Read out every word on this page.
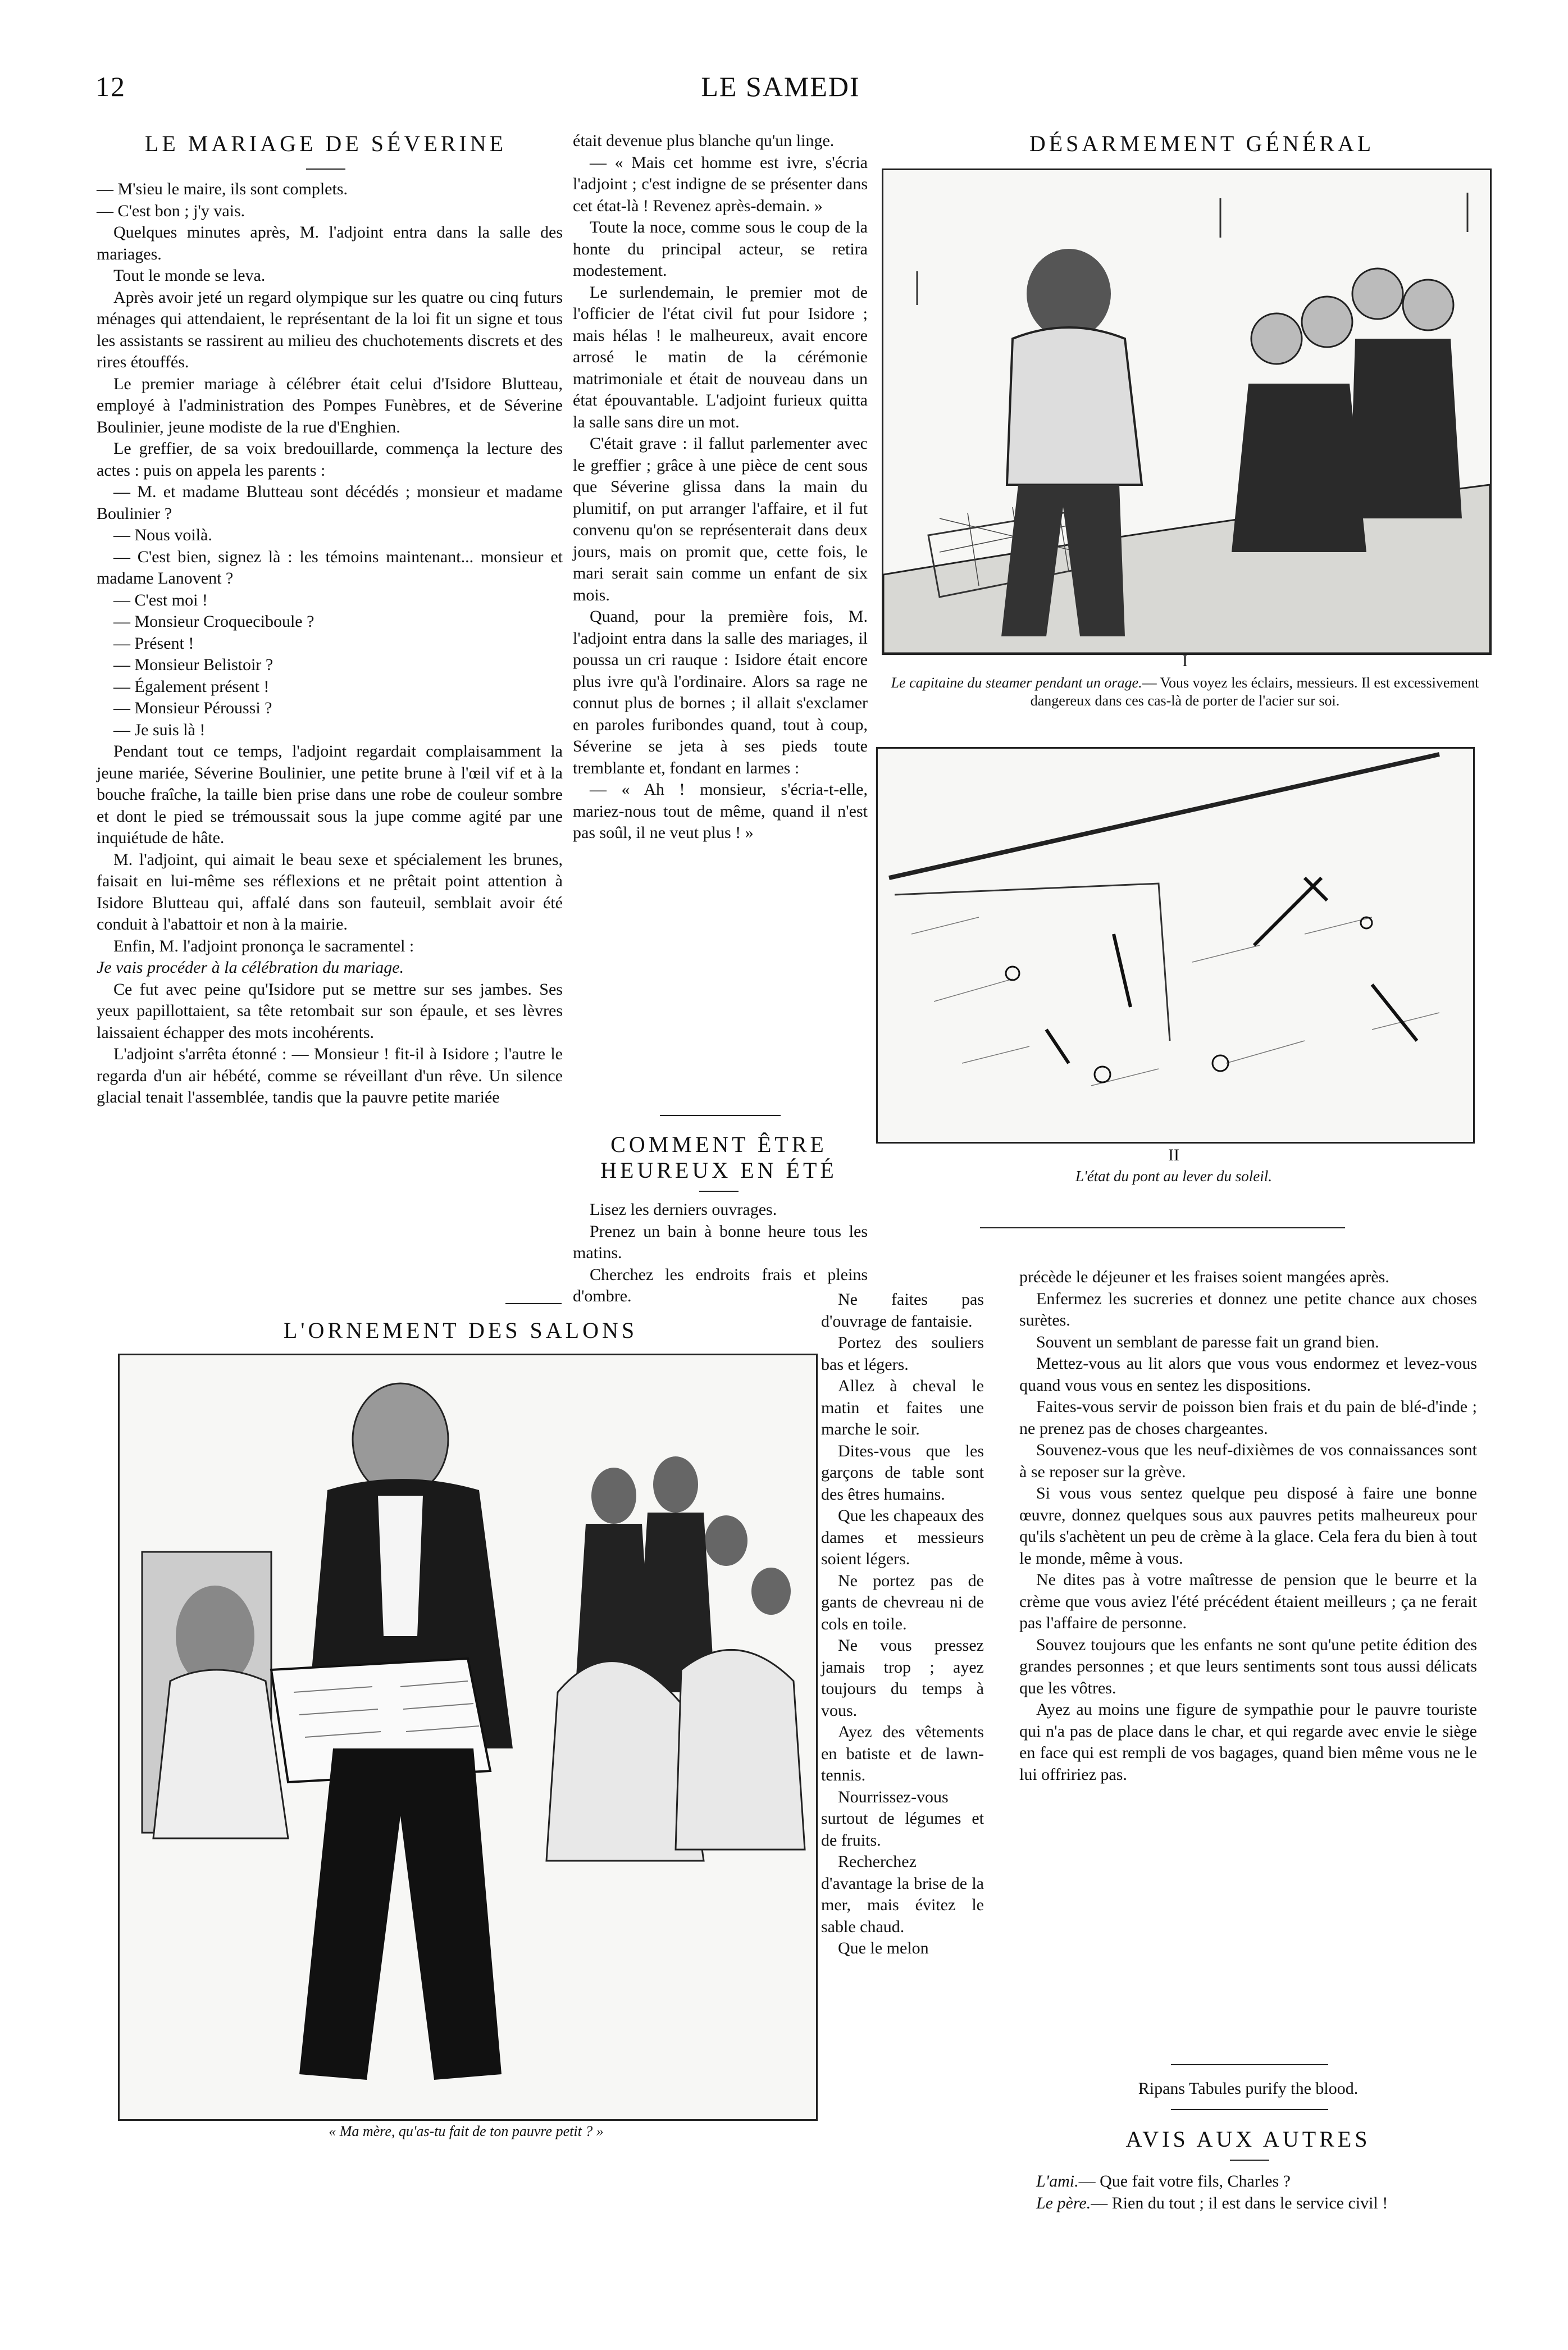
12	LE SAMEDI
LE MARIAGE DE SÉVERINE

— M'sieu le maire, ils sont complets.

— C'est bon ; j'y vais.

Quelques minutes après, M. l'adjoint entra dans la salle des mariages.

Tout le monde se leva.

Après avoir jeté un regard olympique sur les quatre ou cinq futurs ménages qui attendaient, le représentant de la loi fit un signe et tous les assistants se rassirent au milieu des chuchotements discrets et des rires étouffés.

Le premier mariage à célébrer était celui d'Isidore Blutteau, employé à l'administration des Pompes Funèbres, et de Séverine Boulinier, jeune modiste de la rue d'Enghien.

Le greffier, de sa voix bredouillarde, commença la lecture des actes : puis on appela les parents :

— M. et madame Blutteau sont décédés ; monsieur et madame Boulinier ?

— Nous voilà.

— C'est bien, signez là : les témoins maintenant... monsieur et madame Lanovent ?

— C'est moi !

— Monsieur Croqueciboule ?

— Présent !

— Monsieur Belistoir ?

— Également présent !

— Monsieur Péroussi ?

— Je suis là !

Pendant tout ce temps, l'adjoint regardait complaisamment la jeune mariée, Séverine Boulinier, une petite brune à l'œil vif et à la bouche fraîche, la taille bien prise dans une robe de couleur sombre et dont le pied se trémoussait sous la jupe comme agité par une inquiétude de hâte.

M. l'adjoint, qui aimait le beau sexe et spécialement les brunes, faisait en lui-même ses réflexions et ne prêtait point attention à Isidore Blutteau qui, affalé dans son fauteuil, semblait avoir été conduit à l'abattoir et non à la mairie.

Enfin, M. l'adjoint prononça le sacramentel :

Je vais procéder à la célébration du mariage.

Ce fut avec peine qu'Isidore put se mettre sur ses jambes. Ses yeux papillottaient, sa tête retombait sur son épaule, et ses lèvres laissaient échapper des mots incohérents.

L'adjoint s'arrêta étonné : — Monsieur ! fit-il à Isidore ; l'autre le regarda d'un air hébété, comme se réveillant d'un rêve. Un silence glacial tenait l'assemblée, tandis que la pauvre petite mariée

était devenue plus blanche qu'un linge.

— « Mais cet homme est ivre, s'écria l'adjoint ; c'est indigne de se présenter dans cet état-là ! Revenez après-demain. »

Toute la noce, comme sous le coup de la honte du principal acteur, se retira modestement.

Le surlendemain, le premier mot de l'officier de l'état civil fut pour Isidore ; mais hélas ! le malheureux, avait encore arrosé le matin de la cérémonie matrimoniale et était de nouveau dans un état épouvantable. L'adjoint furieux quitta la salle sans dire un mot.

C'était grave : il fallut parlementer avec le greffier ; grâce à une pièce de cent sous que Séverine glissa dans la main du plumitif, on put arranger l'affaire, et il fut convenu qu'on se représenterait dans deux jours, mais on promit que, cette fois, le mari serait sain comme un enfant de six mois.

Quand, pour la première fois, M. l'adjoint entra dans la salle des mariages, il poussa un cri rauque : Isidore était encore plus ivre qu'à l'ordinaire. Alors sa rage ne connut plus de bornes ; il allait s'exclamer en paroles furibondes quand, tout à coup, Séverine se jeta à ses pieds toute tremblante et, fondant en larmes :

— « Ah ! monsieur, s'écria-t-elle, mariez-nous tout de même, quand il n'est pas soûl, il ne veut plus ! »

COMMENT ÊTRE HEUREUX EN ÉTÉ

Lisez les derniers ouvrages.

Prenez un bain à bonne heure tous les matins.

Cherchez les endroits frais et pleins d'ombre.	Ne faites pas d'ouvrage de fantaisie.

Portez des souliers bas et légers.

Allez à cheval le matin et faites une marche le soir.

Dites-vous que les garçons de table sont des êtres humains.

Que les chapeaux des dames et messieurs soient légers.

Ne portez pas de gants de chevreau ni de cols en toile.

Ne vous pressez jamais trop ; ayez toujours du temps à vous.

Ayez des vêtements en batiste et de lawn-tennis.

Nourrissez-vous surtout de légumes et de fruits.

Recherchez d'avantage la brise de la mer, mais évitez le sable chaud.

Que le melon

précède le déjeuner et les fraises soient mangées après.

Enfermez les sucreries et donnez une petite chance aux choses surètes.

Souvent un semblant de paresse fait un grand bien.

Mettez-vous au lit alors que vous vous endormez et levez-vous quand vous vous en sentez les dispositions.

Faites-vous servir de poisson bien frais et du pain de blé-d'inde ; ne prenez pas de choses chargeantes.

Souvenez-vous que les neuf-dixièmes de vos connaissances sont à se reposer sur la grève.

Si vous vous sentez quelque peu disposé à faire une bonne œuvre, donnez quelques sous aux pauvres petits malheureux pour qu'ils s'achètent un peu de crème à la glace. Cela fera du bien à tout le monde, même à vous.

Ne dites pas à votre maîtresse de pension que le beurre et la crème que vous aviez l'été précédent étaient meilleurs ; ça ne ferait pas l'affaire de personne.

Souvez toujours que les enfants ne sont qu'une petite édition des grandes personnes ; et que leurs sentiments sont tous aussi délicats que les vôtres.

Ayez au moins une figure de sympathie pour le pauvre touriste qui n'a pas de place dans le char, et qui regarde avec envie le siège en face qui est rempli de vos bagages, quand bien même vous ne le lui offririez pas.

Ripans Tabules purify the blood.
AVIS AUX AUTRES

L'ami.— Que fait votre fils, Charles ?

Le père.— Rien du tout ; il est dans le service civil !

DÉSARMEMENT GÉNÉRAL
I
Le capitaine du steamer pendant un orage.— Vous voyez les éclairs, messieurs. Il est excessivement dangereux dans ces cas-là de porter de l'acier sur soi.
II
L'état du pont au lever du soleil.
L'ORNEMENT DES SALONS
« Ma mère, qu'as-tu fait de ton pauvre petit ? »
